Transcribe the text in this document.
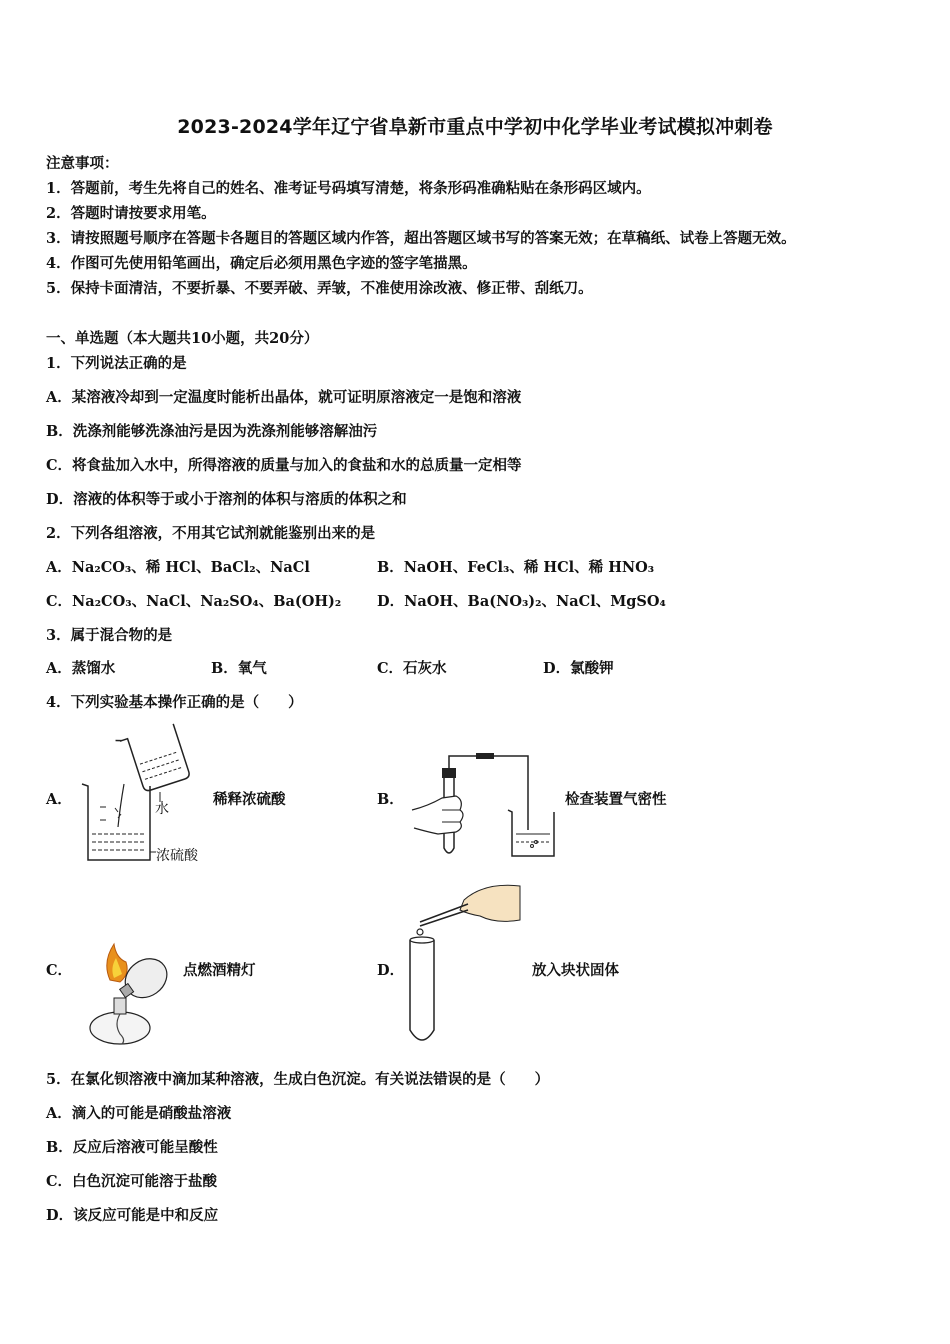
2023-2024学年辽宁省阜新市重点中学初中化学毕业考试模拟冲刺卷
注意事项：
1．答题前，考生先将自己的姓名、准考证号码填写清楚，将条形码准确粘贴在条形码区域内。
2．答题时请按要求用笔。
3．请按照题号顺序在答题卡各题目的答题区域内作答，超出答题区域书写的答案无效；在草稿纸、试卷上答题无效。
4．作图可先使用铅笔画出，确定后必须用黑色字迹的签字笔描黑。
5．保持卡面清洁，不要折暴、不要弄破、弄皱，不准使用涂改液、修正带、刮纸刀。
一、单选题（本大题共10小题，共20分）
1．下列说法正确的是
A．某溶液冷却到一定温度时能析出晶体，就可证明原溶液定一是饱和溶液
B．洗涤剂能够洗涤油污是因为洗涤剂能够溶解油污
C．将食盐加入水中，所得溶液的质量与加入的食盐和水的总质量一定相等
D．溶液的体积等于或小于溶剂的体积与溶质的体积之和
2．下列各组溶液，不用其它试剂就能鉴别出来的是
A．Na₂CO₃、稀 HCl、BaCl₂、NaCl	B．NaOH、FeCl₃、稀 HCl、稀 HNO₃
C．Na₂CO₃、NaCl、Na₂SO₄、Ba(OH)₂ D．NaOH、Ba(NO₃)₂、NaCl、MgSO₄
3．属于混合物的是
A．蒸馏水	B．氧气	C．石灰水	D．氯酸钾
4．下列实验基本操作正确的是（　　）
A．
水
浓硫酸
稀释浓硫酸	B．	检查装置气密性
C．	点燃酒精灯	D．	放入块状固体
5．在氯化钡溶液中滴加某种溶液，生成白色沉淀。有关说法错误的是（　　）
A．滴入的可能是硝酸盐溶液
B．反应后溶液可能呈酸性
C．白色沉淀可能溶于盐酸
D．该反应可能是中和反应
